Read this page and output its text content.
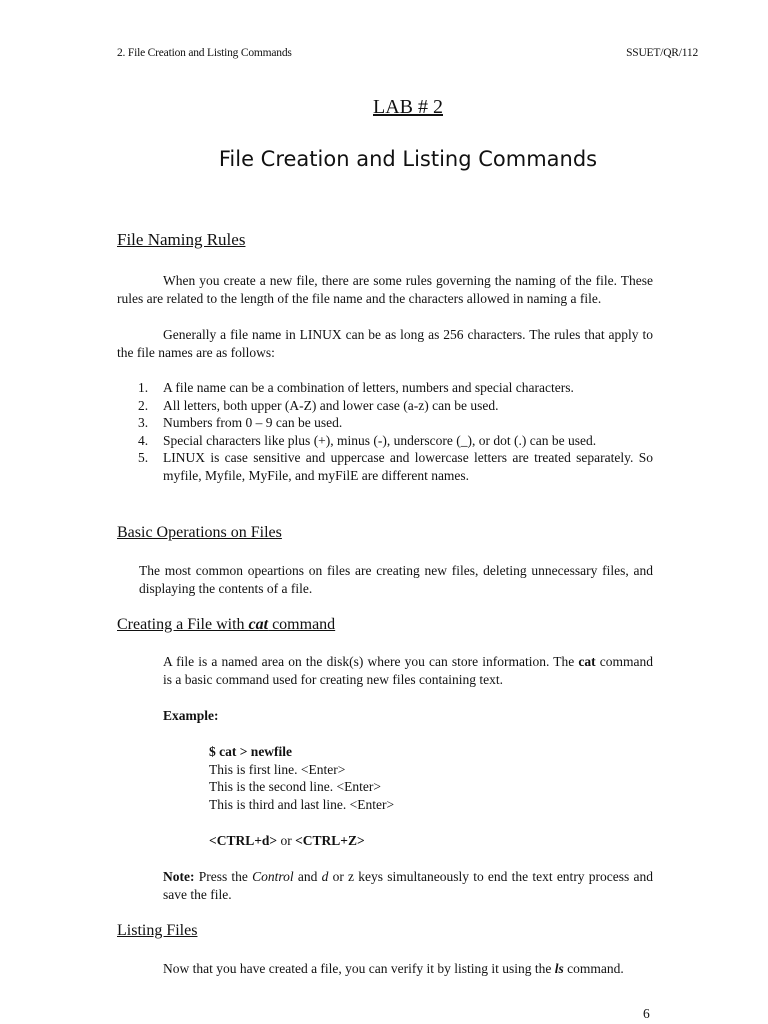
2. File Creation and Listing Commands	SSUET/QR/112
LAB # 2
File Creation and Listing Commands
File Naming Rules
When you create a new file, there are some rules governing the naming of the file. These rules are related to the length of the file name and the characters allowed in naming a file.
Generally a file name in LINUX can be as long as 256 characters. The rules that apply to the file names are as follows:
1. A file name can be a combination of letters, numbers and special characters.
2. All letters, both upper (A-Z) and lower case (a-z) can be used.
3. Numbers from 0 – 9 can be used.
4. Special characters like plus (+), minus (-), underscore (_), or dot (.) can be used.
5. LINUX is case sensitive and uppercase and lowercase letters are treated separately. So myfile, Myfile, MyFile, and myFilE are different names.
Basic Operations on Files
The most common opeartions on files are creating new files, deleting unnecessary files, and displaying the contents of a file.
Creating a File with cat command
A file is a named area on the disk(s) where you can store information. The cat command is a basic command used for creating new files containing text.
Example:
$ cat > newfile
This is first line. <Enter>
This is the second line. <Enter>
This is third and last line. <Enter>
<CTRL+d> or <CTRL+Z>
Note: Press the Control and d or z keys simultaneously to end the text entry process and save the file.
Listing Files
Now that you have created a file, you can verify it by listing it using the ls command.
6
